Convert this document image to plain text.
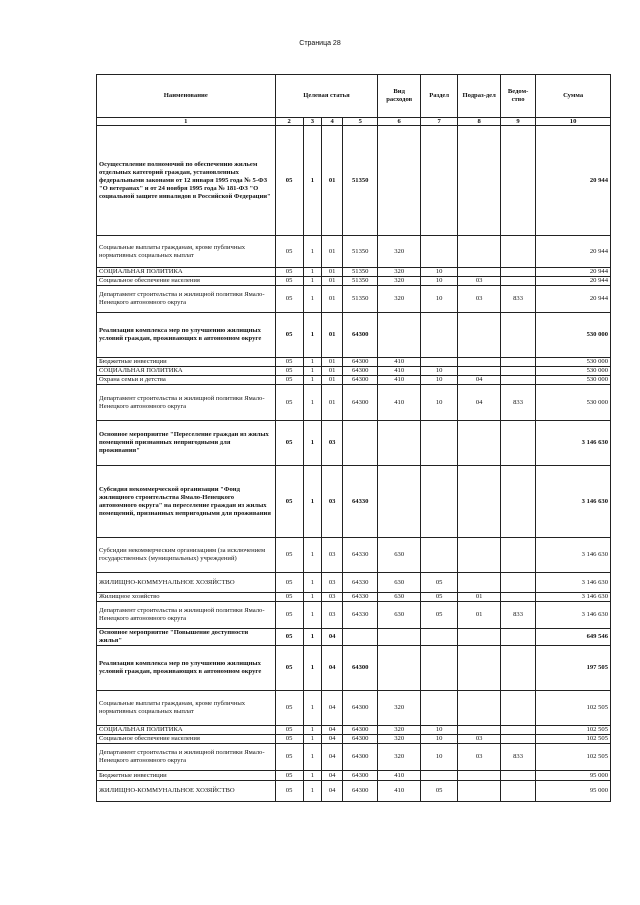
Страница 28
Наименование	Целевая статья				Вид расходов	Раздел	Подраз-дел	Ведом-ство	Сумма
1	2	3	4	5	6	7	8	9	10
Осуществление полномочий по обеспечению жильем отдельных категорий граждан, установленных федеральными законами от 12 января 1995 года № 5-ФЗ "О ветеранах" и от 24 ноября 1995 года № 181-ФЗ "О социальной защите инвалидов в Российской Федерации"	05	1	01	51350					20 944
Социальные выплаты гражданам, кроме публичных нормативных социальных выплат	05	1	01	51350	320				20 944
СОЦИАЛЬНАЯ ПОЛИТИКА	05	1	01	51350	320	10			20 944
Социальное обеспечение населения	05	1	01	51350	320	10	03		20 944
Департамент строительства и жилищной политики Ямало-Ненецкого автономного округа	05	1	01	51350	320	10	03	833	20 944
Реализация комплекса мер по улучшению жилищных условий граждан, проживающих в автономном округе	05	1	01	64300					530 000
Бюджетные инвестиции	05	1	01	64300	410				530 000
СОЦИАЛЬНАЯ ПОЛИТИКА	05	1	01	64300	410	10			530 000
Охрана семьи и детства	05	1	01	64300	410	10	04		530 000
Департамент строительства и жилищной политики Ямало-Ненецкого автономного округа	05	1	01	64300	410	10	04	833	530 000
Основное мероприятие "Переселение граждан из жилых помещений признанных непригодными для проживания"	05	1	03						3 146 630
Субсидия некоммерческой организации "Фонд жилищного строительства Ямало-Ненецкого автономного округа" на переселение граждан из жилых помещений, признанных непригодными для проживания	05	1	03	64330					3 146 630
Субсидии некоммерческим организациям (за исключением государственных (муниципальных) учреждений)	05	1	03	64330	630				3 146 630
ЖИЛИЩНО-КОММУНАЛЬНОЕ ХОЗЯЙСТВО	05	1	03	64330	630	05			3 146 630
Жилищное хозяйство	05	1	03	64330	630	05	01		3 146 630
Департамент строительства и жилищной политики Ямало-Ненецкого автономного округа	05	1	03	64330	630	05	01	833	3 146 630
Основное мероприятие "Повышение доступности жилья"	05	1	04						649 546
Реализация комплекса мер по улучшению жилищных условий граждан, проживающих в автономном округе	05	1	04	64300					197 505
Социальные выплаты гражданам, кроме публичных нормативных социальных выплат	05	1	04	64300	320				102 505
СОЦИАЛЬНАЯ ПОЛИТИКА	05	1	04	64300	320	10			102 505
Социальное обеспечение населения	05	1	04	64300	320	10	03		102 505
Департамент строительства и жилищной политики Ямало-Ненецкого автономного округа	05	1	04	64300	320	10	03	833	102 505
Бюджетные инвестиции	05	1	04	64300	410				95 000
ЖИЛИЩНО-КОММУНАЛЬНОЕ ХОЗЯЙСТВО	05	1	04	64300	410	05			95 000
